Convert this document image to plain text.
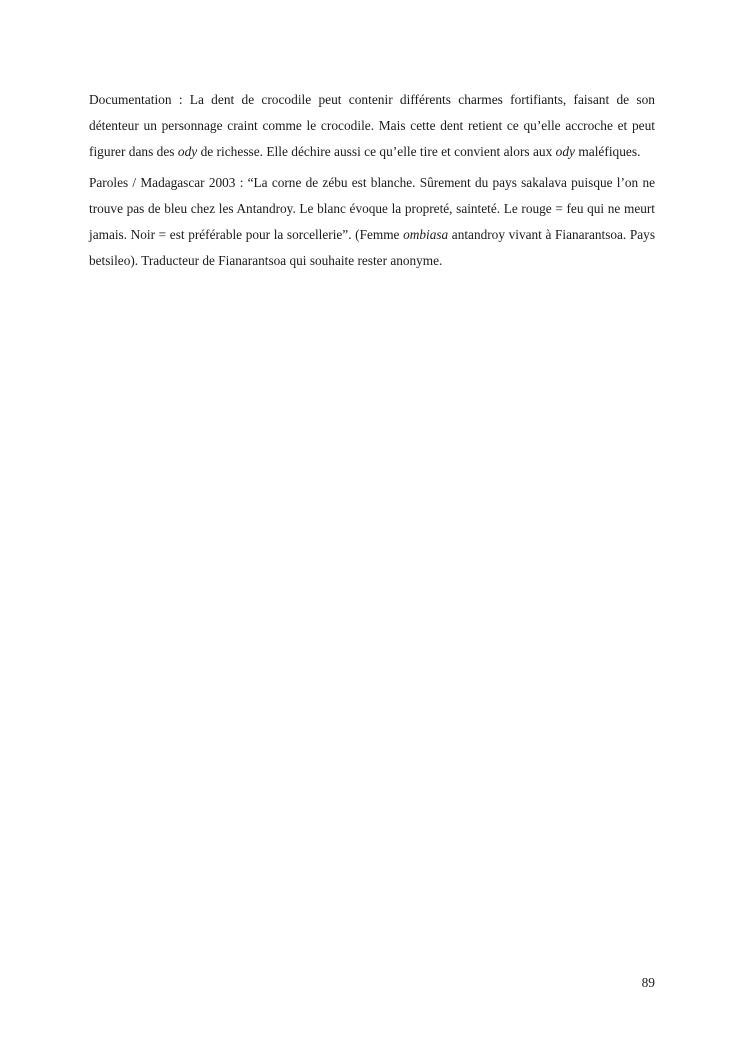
Documentation : La dent de crocodile peut contenir différents charmes fortifiants, faisant de son détenteur un personnage craint comme le crocodile. Mais cette dent retient ce qu’elle accroche et peut figurer dans des ody de richesse. Elle déchire aussi ce qu’elle tire et convient alors aux ody maléfiques.

Paroles / Madagascar 2003 : “La corne de zébu est blanche. Sûrement du pays sakalava puisque l’on ne trouve pas de bleu chez les Antandroy. Le blanc évoque la propreté, sainteté. Le rouge = feu qui ne meurt jamais. Noir = est préférable pour la sorcellerie”. (Femme ombiasa antandroy vivant à Fianarantsoa. Pays betsileo). Traducteur de Fianarantsoa qui souhaite rester anonyme.

89
